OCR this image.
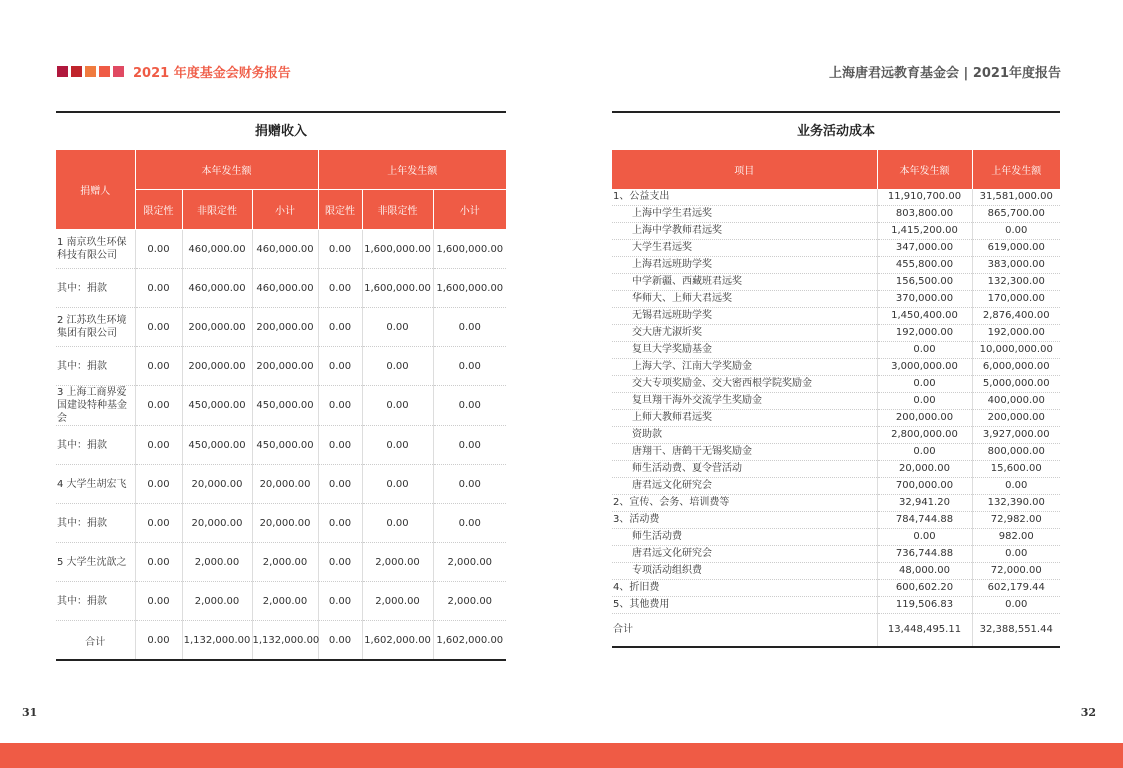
2021 年度基金会财务报告	上海唐君远教育基金会 | 2021年度报告
捐赠收入
捐赠人	本年发生额			上年发生额		
	限定性	非限定性	小计	限定性	非限定性	小计
1 南京玖生环保科技有限公司	0.00	460,000.00	460,000.00	0.00	1,600,000.00	1,600,000.00
其中：捐款	0.00	460,000.00	460,000.00	0.00	1,600,000.00	1,600,000.00
2 江苏玖生环境集团有限公司	0.00	200,000.00	200,000.00	0.00	0.00	0.00
其中：捐款	0.00	200,000.00	200,000.00	0.00	0.00	0.00
3 上海工商界爱国建设特种基金会	0.00	450,000.00	450,000.00	0.00	0.00	0.00
其中：捐款	0.00	450,000.00	450,000.00	0.00	0.00	0.00
4 大学生胡宏飞	0.00	20,000.00	20,000.00	0.00	0.00	0.00
其中：捐款	0.00	20,000.00	20,000.00	0.00	0.00	0.00
5 大学生沈歆之	0.00	2,000.00	2,000.00	0.00	2,000.00	2,000.00
其中：捐款	0.00	2,000.00	2,000.00	0.00	2,000.00	2,000.00
合计	0.00	1,132,000.00	1,132,000.00	0.00	1,602,000.00	1,602,000.00
业务活动成本
项目	本年发生额	上年发生额
1、公益支出	11,910,700.00	31,581,000.00
上海中学生君远奖	803,800.00	865,700.00
上海中学教师君远奖	1,415,200.00	0.00
大学生君远奖	347,000.00	619,000.00
上海君远班助学奖	455,800.00	383,000.00
中学新疆、西藏班君远奖	156,500.00	132,300.00
华师大、上师大君远奖	370,000.00	170,000.00
无锡君远班助学奖	1,450,400.00	2,876,400.00
交大唐尤淑圻奖	192,000.00	192,000.00
复旦大学奖励基金	0.00	10,000,000.00
上海大学、江南大学奖励金	3,000,000.00	6,000,000.00
交大专项奖励金、交大密西根学院奖励金	0.00	5,000,000.00
复旦翔干海外交流学生奖励金	0.00	400,000.00
上师大教师君远奖	200,000.00	200,000.00
资助款	2,800,000.00	3,927,000.00
唐翔干、唐鹤干无锡奖励金	0.00	800,000.00
师生活动费、夏令营活动	20,000.00	15,600.00
唐君远文化研究会	700,000.00	0.00
2、宣传、会务、培训费等	32,941.20	132,390.00
3、活动费	784,744.88	72,982.00
师生活动费	0.00	982.00
唐君远文化研究会	736,744.88	0.00
专项活动组织费	48,000.00	72,000.00
4、折旧费	600,602.20	602,179.44
5、其他费用	119,506.83	0.00
合计	13,448,495.11	32,388,551.44
31	32
